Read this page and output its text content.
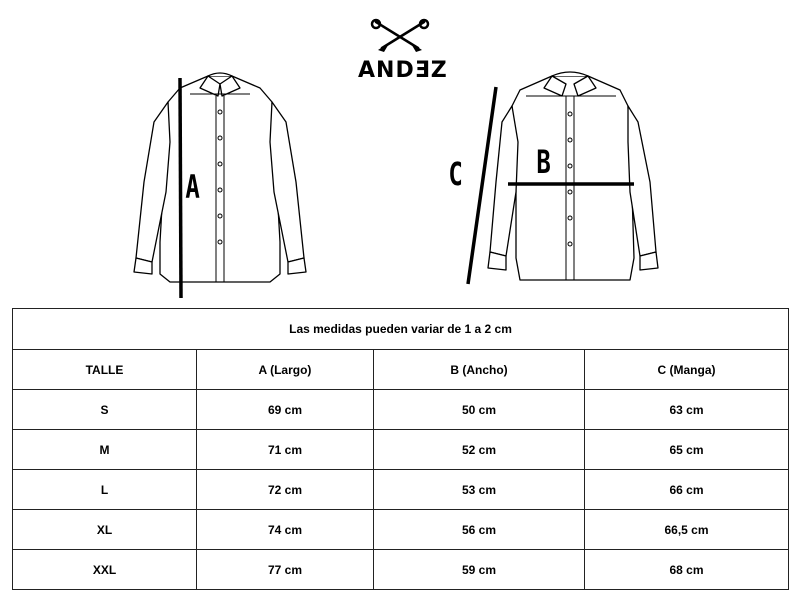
ANDƎZ
A
B
C
Las medidas pueden variar de 1 a 2 cm			
TALLE	A (Largo)	B (Ancho)	C (Manga)
S	69 cm	50 cm	63 cm
M	71 cm	52 cm	65 cm
L	72 cm	53 cm	66 cm
XL	74 cm	56 cm	66,5 cm
XXL	77 cm	59 cm	68 cm
